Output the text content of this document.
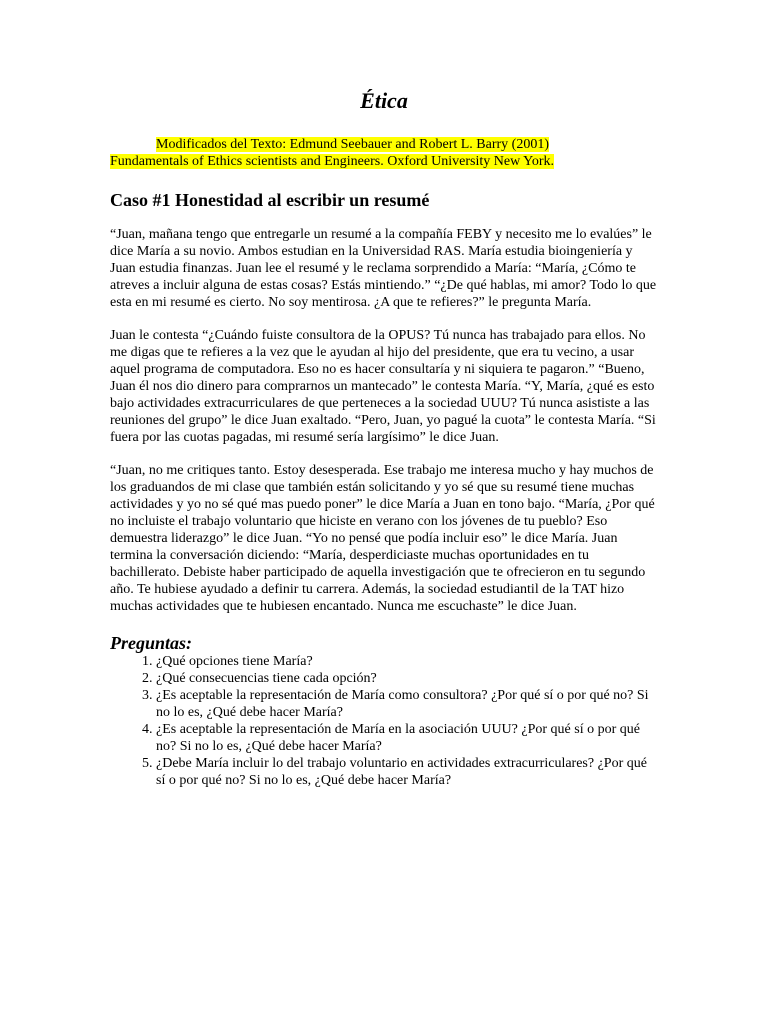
Ética

Modificados del Texto: Edmund Seebauer and Robert L. Barry (2001)
Fundamentals of Ethics scientists and Engineers. Oxford University New York.

Caso #1 Honestidad al escribir un resumé

“Juan, mañana tengo que entregarle un resumé a la compañía FEBY y necesito me lo evalúes” le dice María a su novio. Ambos estudian en la Universidad RAS. María estudia bioingeniería y Juan estudia finanzas. Juan lee el resumé y le reclama sorprendido a María: “María, ¿Cómo te atreves a incluir alguna de estas cosas? Estás mintiendo.” “¿De qué hablas, mi amor? Todo lo que esta en mi resumé es cierto. No soy mentirosa. ¿A que te refieres?” le pregunta María.

Juan le contesta “¿Cuándo fuiste consultora de la OPUS? Tú nunca has trabajado para ellos. No me digas que te refieres a la vez que le ayudan al hijo del presidente, que era tu vecino, a usar aquel programa de computadora. Eso no es hacer consultaría y ni siquiera te pagaron.” “Bueno, Juan él nos dio dinero para comprarnos un mantecado” le contesta María. “Y, María, ¿qué es esto bajo actividades extracurriculares de que perteneces a la sociedad UUU? Tú nunca asististe a las reuniones del grupo” le dice Juan exaltado. “Pero, Juan, yo pagué la cuota” le contesta María. “Si fuera por las cuotas pagadas, mi resumé sería largísimo” le dice Juan.

“Juan, no me critiques tanto. Estoy desesperada. Ese trabajo me interesa mucho y hay muchos de los graduandos de mi clase que también están solicitando y yo sé que su resumé tiene muchas actividades y yo no sé qué mas puedo poner” le dice María a Juan en tono bajo. “María, ¿Por qué no incluiste el trabajo voluntario que hiciste en verano con los jóvenes de tu pueblo? Eso demuestra liderazgo” le dice Juan. “Yo no pensé que podía incluir eso” le dice María. Juan termina la conversación diciendo: “María, desperdiciaste muchas oportunidades en tu bachillerato. Debiste haber participado de aquella investigación que te ofrecieron en tu segundo año. Te hubiese ayudado a definir tu carrera. Además, la sociedad estudiantil de la TAT hizo muchas actividades que te hubiesen encantado. Nunca me escuchaste” le dice Juan.

Preguntas:
1. ¿Qué opciones tiene María?
2. ¿Qué consecuencias tiene cada opción?
3. ¿Es aceptable la representación de María como consultora? ¿Por qué sí o por qué no? Si no lo es, ¿Qué debe hacer María?
4. ¿Es aceptable la representación de María en la asociación UUU? ¿Por qué sí o por qué no? Si no lo es, ¿Qué debe hacer María?
5. ¿Debe María incluir lo del trabajo voluntario en actividades extracurriculares? ¿Por qué sí o por qué no? Si no lo es, ¿Qué debe hacer María?
